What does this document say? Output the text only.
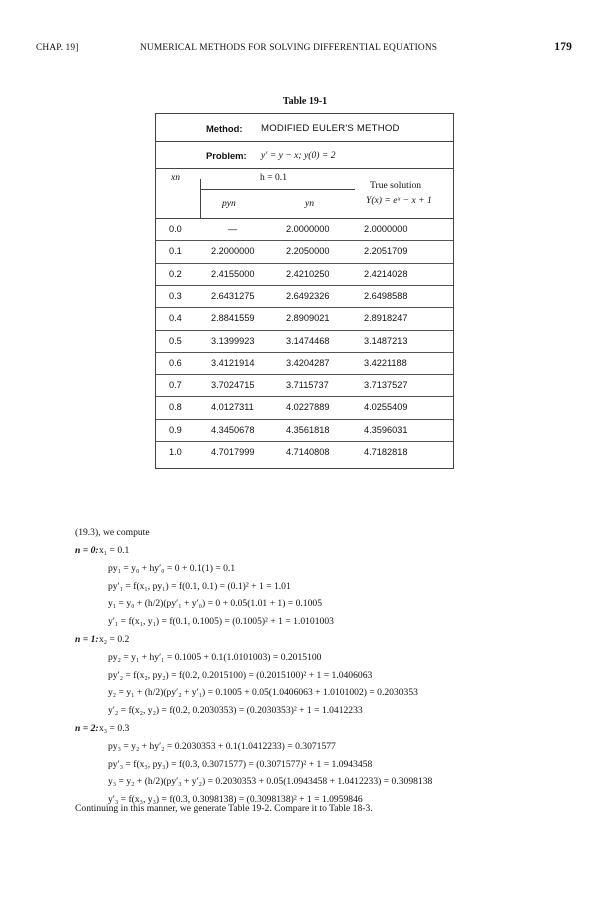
CHAP. 19]	NUMERICAL METHODS FOR SOLVING DIFFERENTIAL EQUATIONS	179
Table 19-1
Method: MODIFIED EULER'S METHOD
Problem: y′ = y − x; y(0) = 2
xn	h = 0.1
pyn	yn
True solution
Y(x) = eˣ − x + 1
0.0	—	2.0000000	2.0000000
0.1	2.2000000	2.2050000	2.2051709
0.2	2.4155000	2.4210250	2.4214028
0.3	2.6431275	2.6492326	2.6498588
0.4	2.8841559	2.8909021	2.8918247
0.5	3.1399923	3.1474468	3.1487213
0.6	3.4121914	3.4204287	3.4221188
0.7	3.7024715	3.7115737	3.7137527
0.8	4.0127311	4.0227889	4.0255409
0.9	4.3450678	4.3561818	4.3596031
1.0	4.7017999	4.7140808	4.7182818
(19.3), we compute
n = 0: x₁ = 0.1
py₁ = y₀ + hy′₀ = 0 + 0.1(1) = 0.1
py′₁ = f(x₁, py₁) = f(0.1, 0.1) = (0.1)² + 1 = 1.01
y₁ = y₀ + (h/2)(py′₁ + y′₀) = 0 + 0.05(1.01 + 1) = 0.1005
y′₁ = f(x₁, y₁) = f(0.1, 0.1005) = (0.1005)² + 1 = 1.0101003
n = 1: x₂ = 0.2
py₂ = y₁ + hy′₁ = 0.1005 + 0.1(1.0101003) = 0.2015100
py′₂ = f(x₂, py₂) = f(0.2, 0.2015100) = (0.2015100)² + 1 = 1.0406063
y₂ = y₁ + (h/2)(py′₂ + y′₁) = 0.1005 + 0.05(1.0406063 + 1.0101002) = 0.2030353
y′₂ = f(x₂, y₂) = f(0.2, 0.2030353) = (0.2030353)² + 1 = 1.0412233
n = 2: x₃ = 0.3
py₃ = y₂ + hy′₂ = 0.2030353 + 0.1(1.0412233) = 0.3071577
py′₃ = f(x₃, py₃) = f(0.3, 0.3071577) = (0.3071577)² + 1 = 1.0943458
y₃ = y₂ + (h/2)(py′₃ + y′₂) = 0.2030353 + 0.05(1.0943458 + 1.0412233) = 0.3098138
y′₃ = f(x₃, y₃) = f(0.3, 0.3098138) = (0.3098138)² + 1 = 1.0959846
Continuing in this manner, we generate Table 19-2. Compare it to Table 18-3.
